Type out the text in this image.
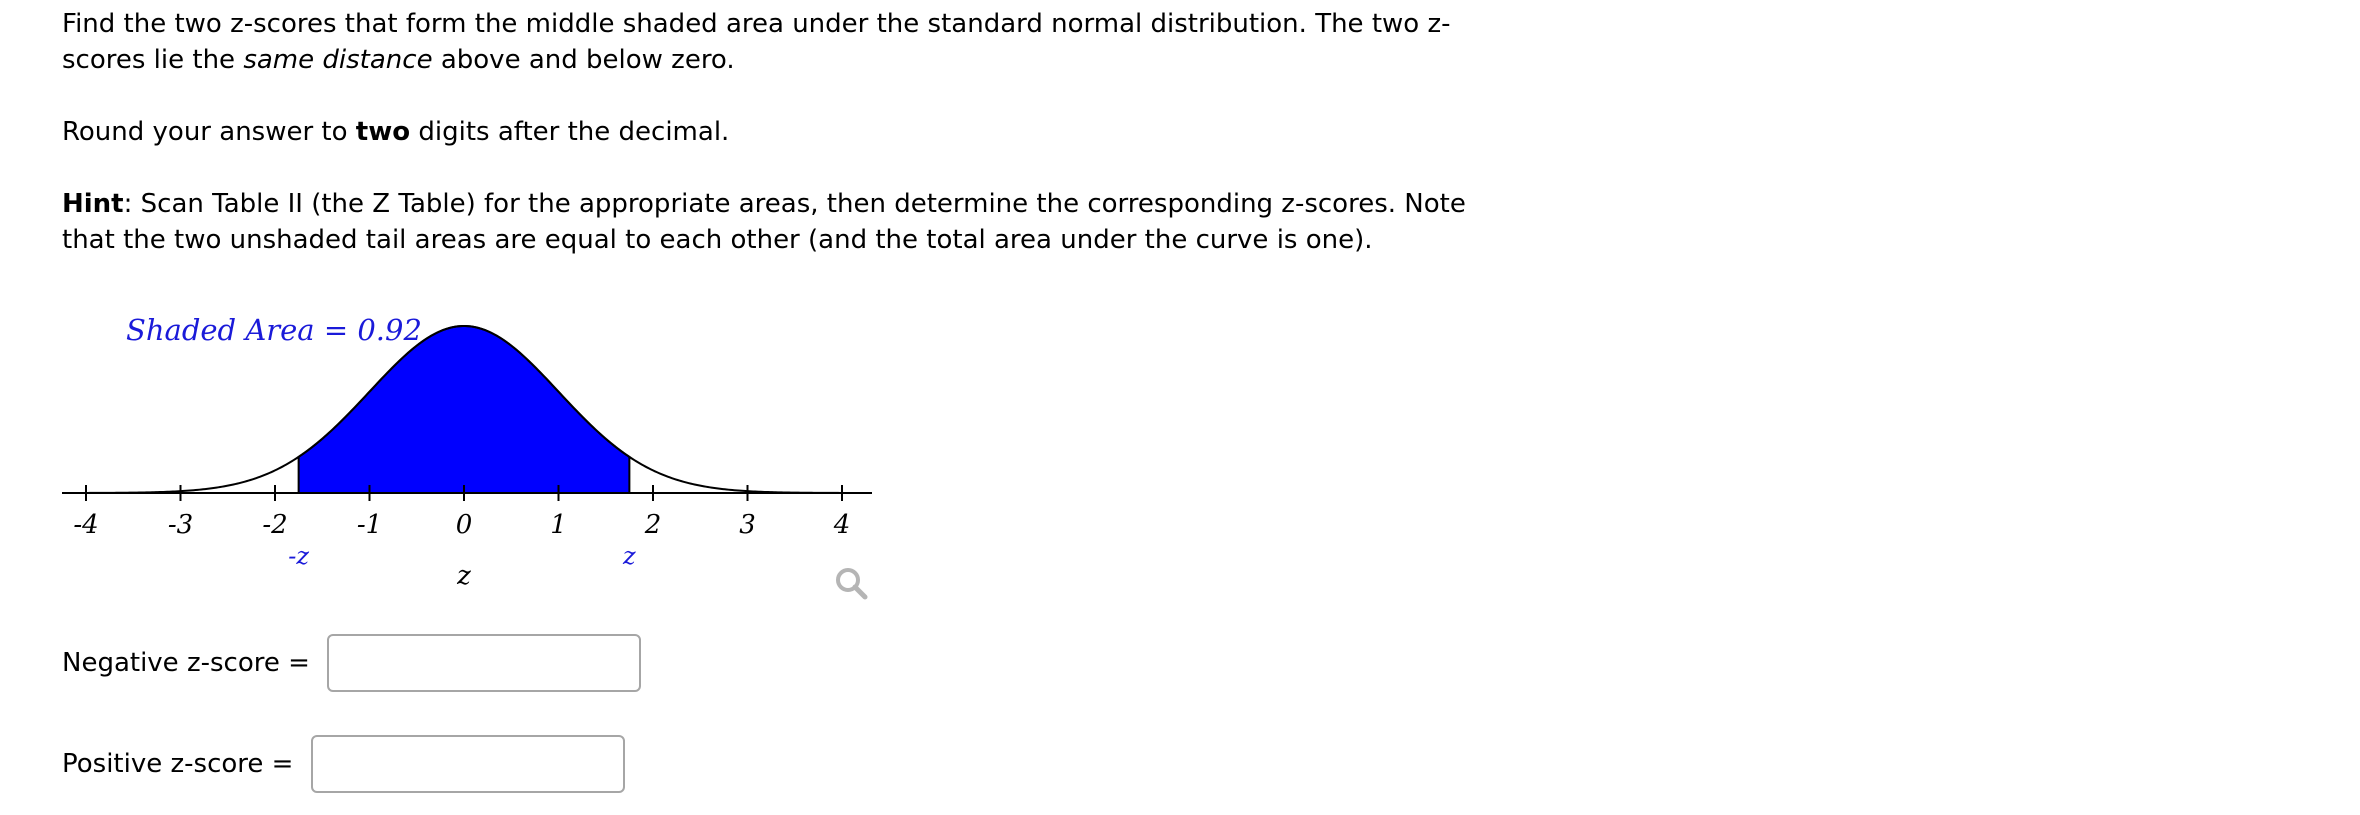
Find the two z-scores that form the middle shaded area under the standard normal distribution. The two z-scores lie the same distance above and below zero.

Round your answer to two digits after the decimal.

Hint: Scan Table II (the Z Table) for the appropriate areas, then determine the corresponding z-scores. Note that the two unshaded tail areas are equal to each other (and the total area under the curve is one).

-4	-3	-2	-1	0	1	2	3	4
Shaded Area = 0.92
-z	z
z
Negative z-score =
Positive z-score =
